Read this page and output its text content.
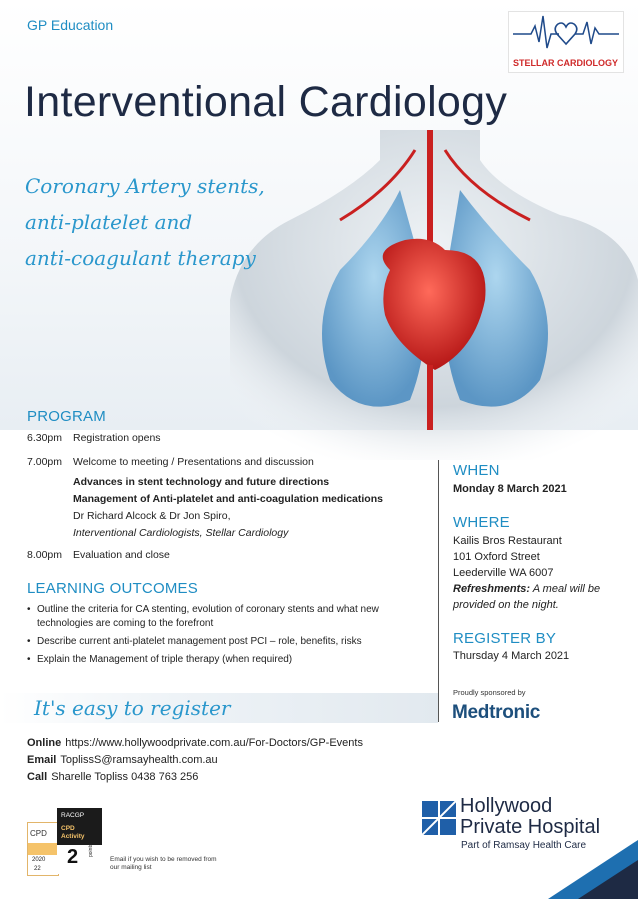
GP Education
Interventional Cardiology
Coronary Artery stents,
anti-platelet and
anti-coagulant therapy
STELLAR CARDIOLOGY
PROGRAM
6.30pm Registration opens
7.00pm Welcome to meeting / Presentations and discussion
Advances in stent technology and future directions
Management of Anti-platelet and anti-coagulation medications
Dr Richard Alcock & Dr Jon Spiro,
Interventional Cardiologists, Stellar Cardiology
8.00pm Evaluation and close
LEARNING OUTCOMES
• Outline the criteria for CA stenting, evolution of coronary stents and what new technologies are coming to the forefront
• Describe current anti-platelet management post PCI – role, benefits, risks
• Explain the Management of triple therapy (when required)
WHEN
Monday 8 March 2021
WHERE
Kailis Bros Restaurant
101 Oxford Street
Leederville WA 6007
Refreshments: A meal will be provided on the night.
REGISTER BY
Thursday 4 March 2021
Proudly sponsored by
Medtronic
It's easy to register
Online https://www.hollywoodprivate.com.au/For-Doctors/GP-Events
Email ToplissS@ramsayhealth.com.au
Call Sharelle Topliss 0438 763 256
CPD
2020
22
RACGP
CPD
Activity
2 points
Email if you wish to be removed from our mailing list
Hollywood
Private Hospital
Part of Ramsay Health Care
